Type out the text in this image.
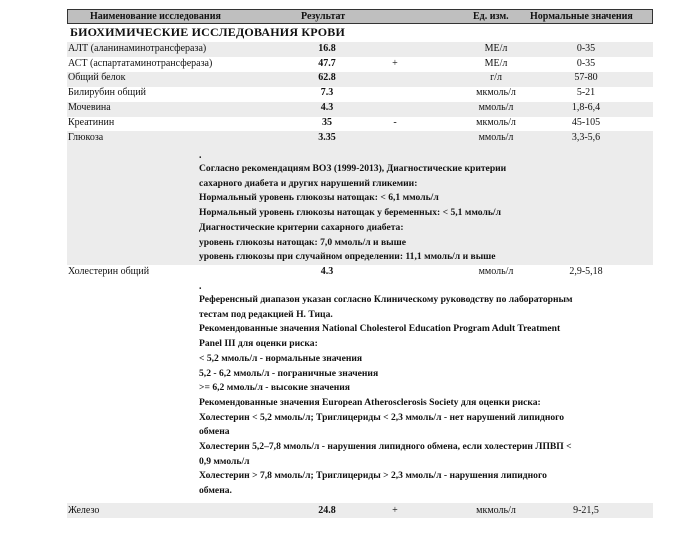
Наименование исследования	Результат	Ед. изм. Нормальные значения
БИОХИМИЧЕСКИЕ ИССЛЕДОВАНИЯ КРОВИ
АЛТ (аланинаминотрансфераза)	16.8	МЕ/л	0-35
АСТ (аспартатаминотрансфераза)	47.7	+	МЕ/л	0-35
Общий белок	62.8	г/л	57-80
Билирубин общий	7.3	мкмоль/л	5-21
Мочевина	4.3	ммоль/л	1,8-6,4
Креатинин	35	-	мкмоль/л	45-105
Глюкоза	3.35	ммоль/л	3,3-5,6
.
Согласно рекомендациям ВОЗ (1999-2013), Диагностические критерии
сахарного диабета и других нарушений гликемии:
Нормальный уровень глюкозы натощак: < 6,1 ммоль/л
Нормальный уровень глюкозы натощак у беременных: < 5,1 ммоль/л
Диагностические критерии сахарного диабета:
уровень глюкозы натощак: 7,0 ммоль/л и выше
уровень глюкозы при случайном определении: 11,1 ммоль/л и выше
Холестерин общий	4.3	ммоль/л	2,9-5,18
.
Референсный диапазон указан согласно Клиническому руководству по лабораторным
тестам под редакцией Н. Тица.
Рекомендованные значения National Cholesterol Education Program Adult Treatment
Panel III для оценки риска:
< 5,2 ммоль/л - нормальные значения
5,2 - 6,2 ммоль/л - пограничные значения
>= 6,2 ммоль/л - высокие значения
Рекомендованные значения European Atherosclerosis Society для оценки риска:
Холестерин < 5,2 ммоль/л; Триглицериды < 2,3 ммоль/л - нет нарушений липидного
обмена
Холестерин 5,2–7,8 ммоль/л - нарушения липидного обмена, если холестерин ЛПВП <
0,9 ммоль/л
Холестерин > 7,8 ммоль/л; Триглицериды > 2,3 ммоль/л - нарушения липидного
обмена.
Железо	24.8	+	мкмоль/л	9-21,5
